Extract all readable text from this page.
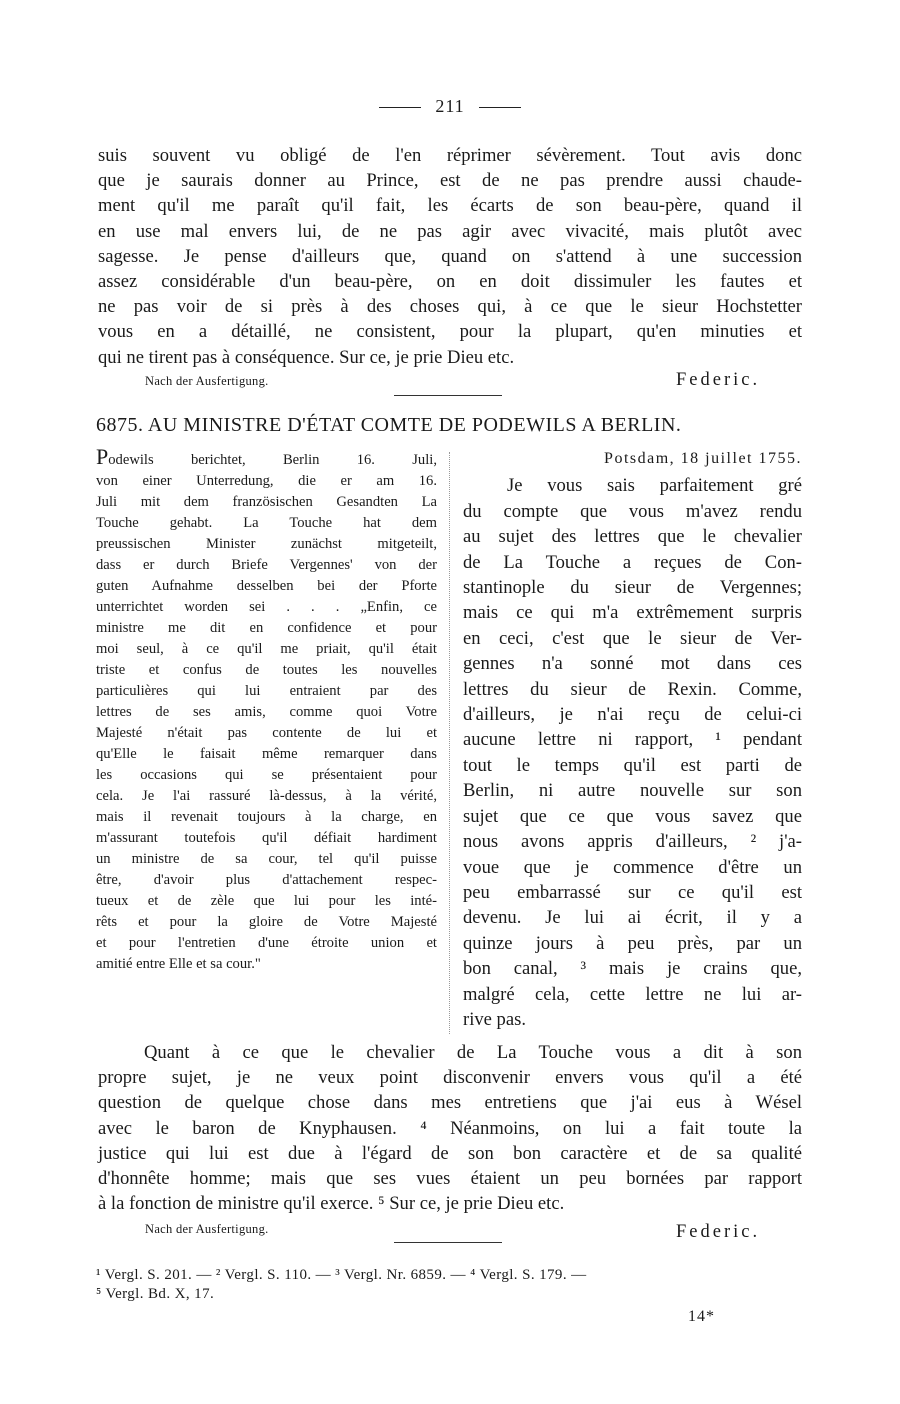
211
suis souvent vu obligé de l'en réprimer sévèrement. Tout avis donc
que je saurais donner au Prince, est de ne pas prendre aussi chaude-
ment qu'il me paraît qu'il fait, les écarts de son beau-père, quand il
en use mal envers lui, de ne pas agir avec vivacité, mais plutôt avec
sagesse. Je pense d'ailleurs que, quand on s'attend à une succession
assez considérable d'un beau-père, on en doit dissimuler les fautes et
ne pas voir de si près à des choses qui, à ce que le sieur Hochstetter
vous en a détaillé, ne consistent, pour la plupart, qu'en minuties et
qui ne tirent pas à conséquence. Sur ce, je prie Dieu etc.
Nach der Ausfertigung.	Federic.
6875. AU MINISTRE D'ÉTAT COMTE DE PODEWILS A BERLIN.
Podewils berichtet, Berlin 16. Juli,
von einer Unterredung, die er am 16.
Juli mit dem französischen Gesandten La
Touche gehabt. La Touche hat dem
preussischen Minister zunächst mitgeteilt,
dass er durch Briefe Vergennes' von der
guten Aufnahme desselben bei der Pforte
unterrichtet worden sei . . . „Enfin, ce
ministre me dit en confidence et pour
moi seul, à ce qu'il me priait, qu'il était
triste et confus de toutes les nouvelles
particulières qui lui entraient par des
lettres de ses amis, comme quoi Votre
Majesté n'était pas contente de lui et
qu'Elle le faisait même remarquer dans
les occasions qui se présentaient pour
cela. Je l'ai rassuré là-dessus, à la vérité,
mais il revenait toujours à la charge, en
m'assurant toutefois qu'il défiait hardiment
un ministre de sa cour, tel qu'il puisse
être, d'avoir plus d'attachement respec-
tueux et de zèle que lui pour les inté-
rêts et pour la gloire de Votre Majesté
et pour l'entretien d'une étroite union et
amitié entre Elle et sa cour."
Potsdam, 18 juillet 1755.
Je vous sais parfaitement gré
du compte que vous m'avez rendu
au sujet des lettres que le chevalier
de La Touche a reçues de Con-
stantinople du sieur de Vergennes;
mais ce qui m'a extrêmement surpris
en ceci, c'est que le sieur de Ver-
gennes n'a sonné mot dans ces
lettres du sieur de Rexin. Comme,
d'ailleurs, je n'ai reçu de celui-ci
aucune lettre ni rapport, ¹ pendant
tout le temps qu'il est parti de
Berlin, ni autre nouvelle sur son
sujet que ce que vous savez que
nous avons appris d'ailleurs, ² j'a-
voue que je commence d'être un
peu embarrassé sur ce qu'il est
devenu. Je lui ai écrit, il y a
quinze jours à peu près, par un
bon canal, ³ mais je crains que,
malgré cela, cette lettre ne lui ar-
rive pas.
Quant à ce que le chevalier de La Touche vous a dit à son
propre sujet, je ne veux point disconvenir envers vous qu'il a été
question de quelque chose dans mes entretiens que j'ai eus à Wésel
avec le baron de Knyphausen. ⁴ Néanmoins, on lui a fait toute la
justice qui lui est due à l'égard de son bon caractère et de sa qualité
d'honnête homme; mais que ses vues étaient un peu bornées par rapport
à la fonction de ministre qu'il exerce. ⁵ Sur ce, je prie Dieu etc.
Nach der Ausfertigung.	Federic.
¹ Vergl. S. 201. — ² Vergl. S. 110. — ³ Vergl. Nr. 6859. — ⁴ Vergl. S. 179. —
⁵ Vergl. Bd. X, 17.
14*
